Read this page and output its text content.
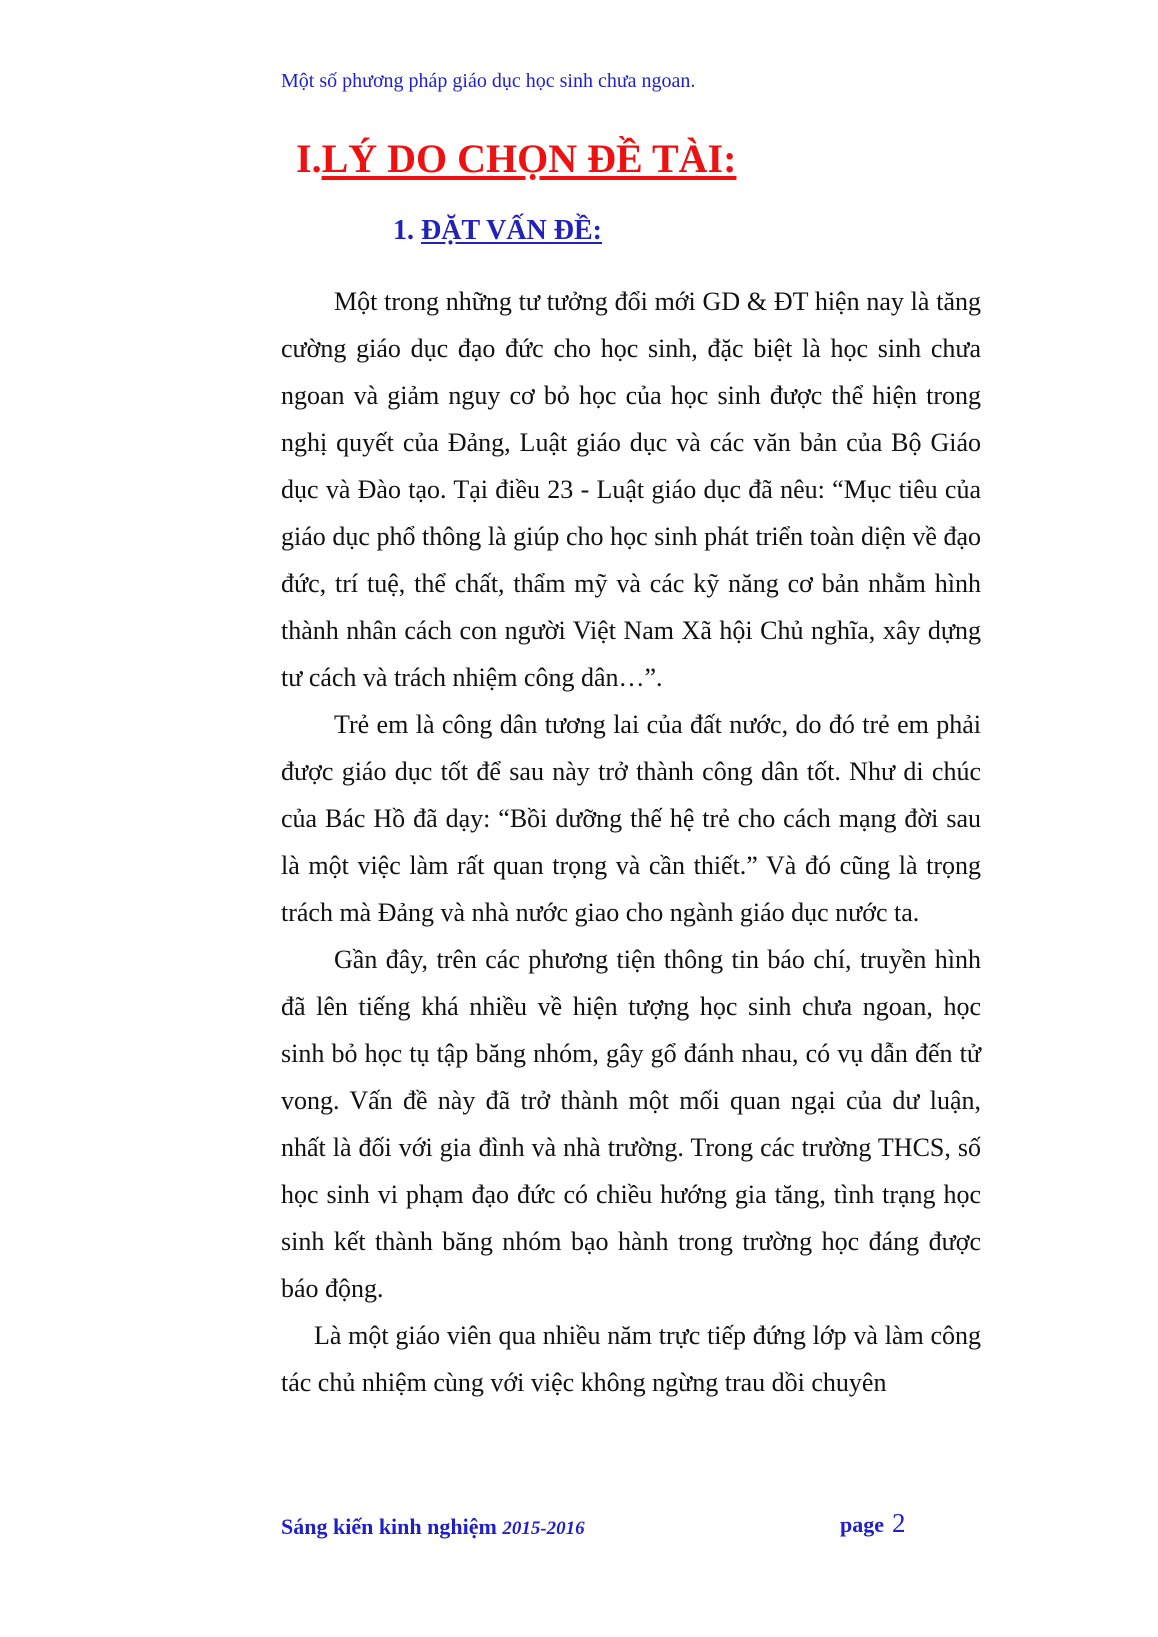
Một số phương pháp giáo dục học sinh chưa ngoan.
I.LÝ DO CHỌN ĐỀ TÀI:
1. ĐẶT VẤN ĐỀ:

Một trong những tư tưởng đổi mới GD & ĐT hiện nay là tăng cường giáo dục đạo đức cho học sinh, đặc biệt là học sinh chưa ngoan và giảm nguy cơ bỏ học của học sinh được thể hiện trong nghị quyết của Đảng, Luật giáo dục và các văn bản của Bộ Giáo dục và Đào tạo. Tại điều 23 - Luật giáo dục đã nêu: “Mục tiêu của giáo dục phổ thông là giúp cho học sinh phát triển toàn diện về đạo đức, trí tuệ, thể chất, thẩm mỹ và các kỹ năng cơ bản nhằm hình thành nhân cách con người Việt Nam Xã hội Chủ nghĩa, xây dựng tư cách và trách nhiệm công dân…”.

Trẻ em là công dân tương lai của đất nước, do đó trẻ em phải được giáo dục tốt để sau này trở thành công dân tốt. Như di chúc của Bác Hồ đã dạy: “Bồi dưỡng thế hệ trẻ cho cách mạng đời sau là một việc làm rất quan trọng và cần thiết.” Và đó cũng là trọng trách mà Đảng và nhà nước giao cho ngành giáo dục nước ta.

Gần đây, trên các phương tiện thông tin báo chí, truyền hình đã lên tiếng khá nhiều về hiện tượng học sinh chưa ngoan, học sinh bỏ học tụ tập băng nhóm, gây gổ đánh nhau, có vụ dẫn đến tử vong. Vấn đề này đã trở thành một mối quan ngại của dư luận, nhất là đối với gia đình và nhà trường. Trong các trường THCS, số học sinh vi phạm đạo đức có chiều hướng gia tăng, tình trạng học sinh kết thành băng nhóm bạo hành trong trường học đáng được báo động.

Là một giáo viên qua nhiều năm trực tiếp đứng lớp và làm công tác chủ nhiệm cùng với việc không ngừng trau dồi chuyên

Sáng kiến kinh nghiệm 2015-2016	page 2
